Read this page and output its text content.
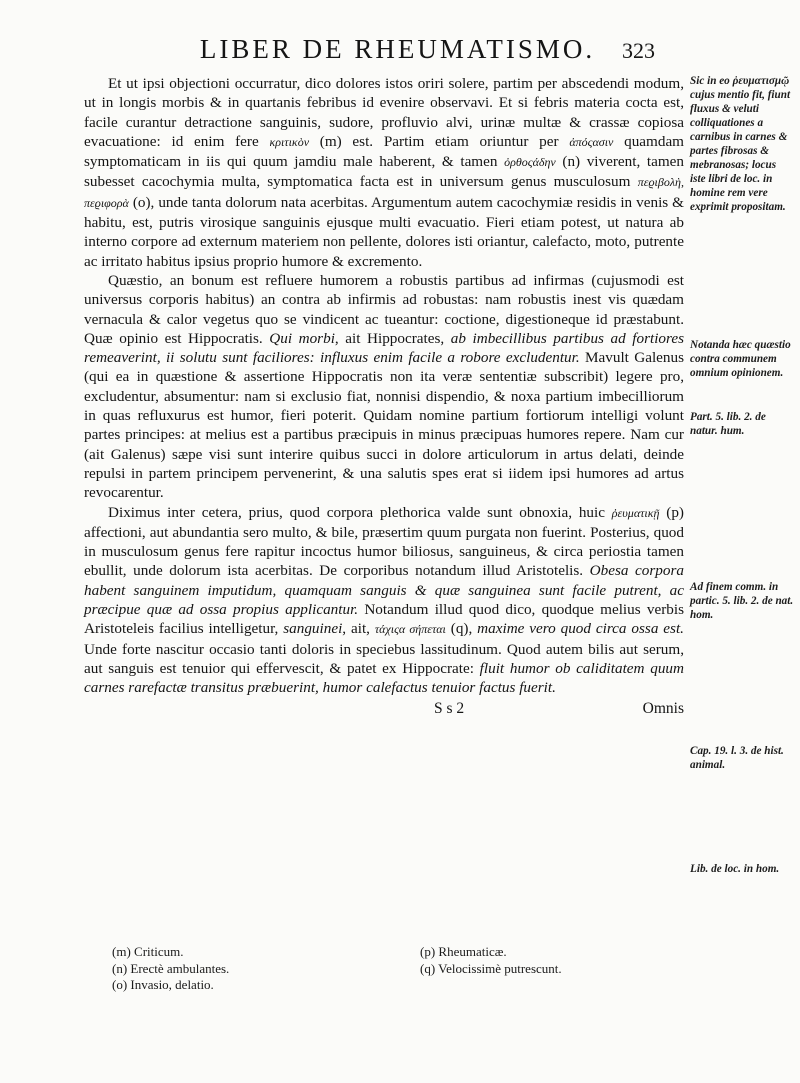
LIBER DE RHEUMATISMO.	323

Et ut ipsi objectioni occurratur, dico dolores istos oriri solere, partim per abscedendi modum, ut in longis morbis & in quartanis febribus id evenire observavi. Et si febris materia cocta est, facile curantur detractione sanguinis, sudore, profluvio alvi, urinæ multæ & crassæ copiosa evacuatione: id enim fere κριτικὸν (m) est. Partim etiam oriuntur per ἀπόςασιν quamdam symptomaticam in iis qui quum jamdiu male haberent, & tamen ὀρθοςάδην (n) viverent, tamen subesset cacochymia multa, symptomatica facta est in universum genus musculosum πεϱιβολὴ, πεϱιφορὰ (o), unde tanta dolorum nata acerbitas. Argumentum autem cacochymiæ residis in venis & habitu, est, putris virosique sanguinis ejusque multi evacuatio. Fieri etiam potest, ut natura ab interno corpore ad externum materiem non pellente, dolores isti oriantur, calefacto, moto, putrente ac irritato habitus ipsius proprio humore & excremento.

Quæstio, an bonum est refluere humorem a robustis partibus ad infirmas (cujusmodi est universus corporis habitus) an contra ab infirmis ad robustas: nam robustis inest vis quædam vernacula & calor vegetus quo se vindicent ac tueantur: coctione, digestioneque id præstabunt. Quæ opinio est Hippocratis. Qui morbi, ait Hippocrates, ab imbecillibus partibus ad fortiores remeaverint, ii solutu sunt faciliores: influxus enim facile a robore excludentur. Mavult Galenus (qui ea in quæstione & assertione Hippocratis non ita veræ sententiæ subscribit) legere pro, excludentur, absumentur: nam si exclusio fiat, nonnisi dispendio, & noxa partium imbecilliorum in quas refluxurus est humor, fieri poterit. Quidam nomine partium fortiorum intelligi volunt partes principes: at melius est a partibus præcipuis in minus præcipuas humores repere. Nam cur (ait Galenus) sæpe visi sunt interire quibus succi in dolore articulorum in artus delati, deinde repulsi in partem principem pervenerint, & una salutis spes erat si iidem ipsi humores ad artus revocarentur.

Diximus inter cetera, prius, quod corpora plethorica valde sunt obnoxia, huic ῥευματικῇ (p) affectioni, aut abundantia sero multo, & bile, præsertim quum purgata non fuerint. Posterius, quod in musculosum genus fere rapitur incoctus humor biliosus, sanguineus, & circa periostia tamen ebullit, unde dolorum ista acerbitas. De corporibus notandum illud Aristotelis. Obesa corpora habent sanguinem imputidum, quamquam sanguis & quæ sanguinea sunt facile putrent, ac præcipue quæ ad ossa propius applicantur. Notandum illud quod dico, quodque melius verbis Aristoteleis facilius intelligetur, sanguinei, ait, τάχιςα σήπεται (q), maxime vero quod circa ossa est. Unde forte nascitur occasio tanti doloris in speciebus lassitudinum. Quod autem bilis aut serum, aut sanguis est tenuior qui effervescit, & patet ex Hippocrate: fluit humor ob caliditatem quum carnes rarefactæ transitus præbuerint, humor calefactus tenuior factus fuerit.

S s 2	Omnis
Sic in eo ῥευματισμῷ cujus mentio fit, fiunt fluxus & veluti colliquationes a carnibus in carnes & partes fibrosas & mebranosas; locus iste libri de loc. in homine rem vere exprimit propositam.
Notanda hæc quæstio contra communem omnium opinionem.
Part. 5. lib. 2. de natur. hum.
Ad finem comm. in partic. 5. lib. 2. de nat. hom.
Cap. 19. l. 3. de hist. animal.
Lib. de loc. in hom.
(m) Criticum.
(n) Erectè ambulantes.
(o) Invasio, delatio.
(p) Rheumaticæ.
(q) Velocissimè putrescunt.
